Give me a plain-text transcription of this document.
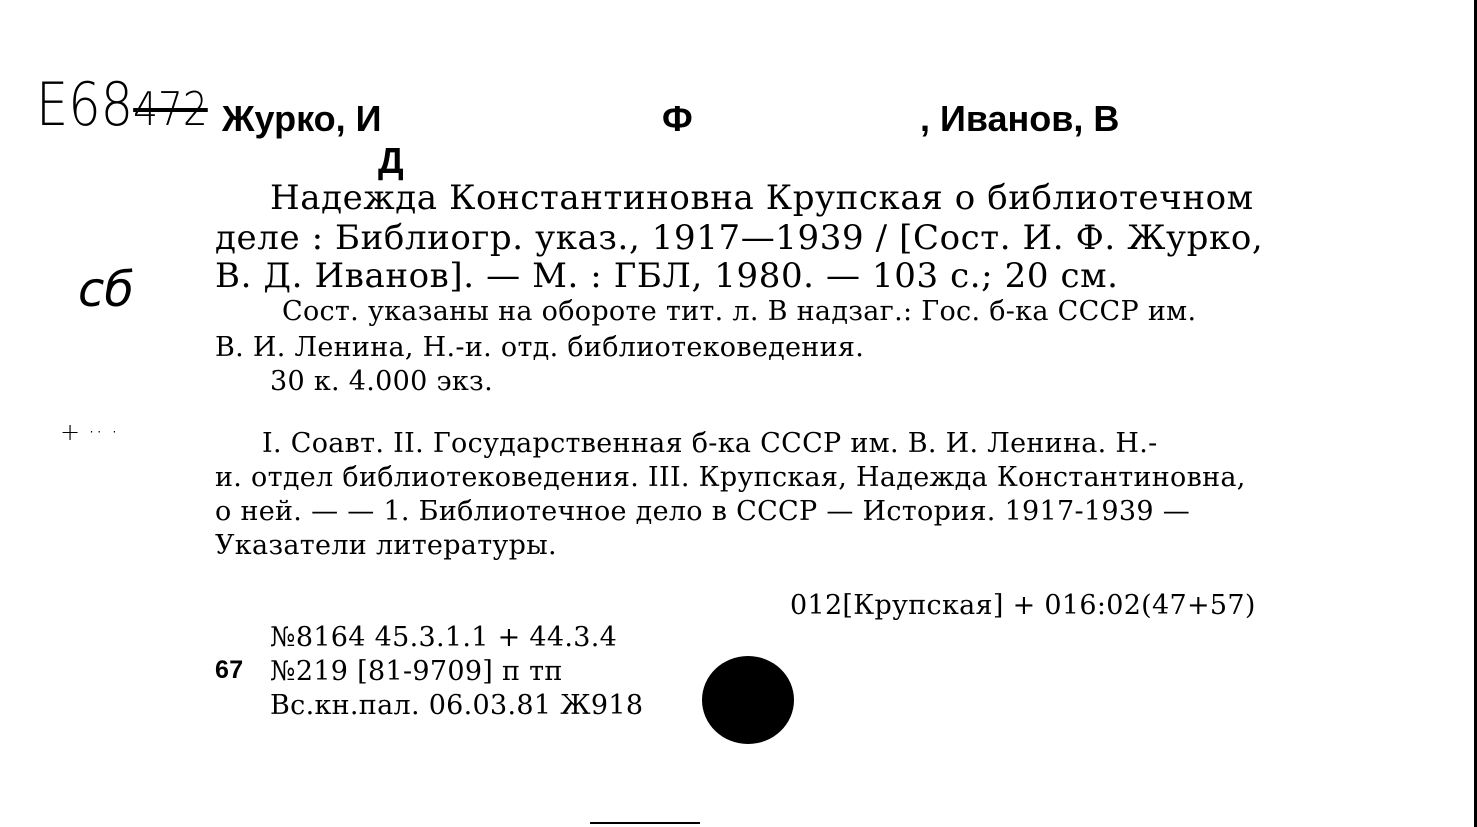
Е68472 Журко, И
Д
Ф	, Иванов, В
сб
+ ·· ·
Надежда Константиновна Крупская о библиотечном
деле : Библиогр. указ., 1917—1939 / [Сост. И. Ф. Журко,
В. Д. Иванов]. — М. : ГБЛ, 1980. — 103 с.; 20 см.
Сост. указаны на обороте тит. л. В надзаг.: Гос. б-ка СССР им.
В. И. Ленина, Н.-и. отд. библиотековедения.
30 к. 4.000 экз.
I. Соавт. II. Государственная б-ка СССР им. В. И. Ленина. Н.-
и. отдел библиотековедения. III. Крупская, Надежда Константиновна,
о ней. — — 1. Библиотечное дело в СССР — История. 1917-1939 —
Указатели литературы.
012[Крупская] + 016:02(47+57)
№8164 45.3.1.1 + 44.3.4
67 №219 [81-9709] п тп
Вс.кн.пал. 06.03.81 Ж918
